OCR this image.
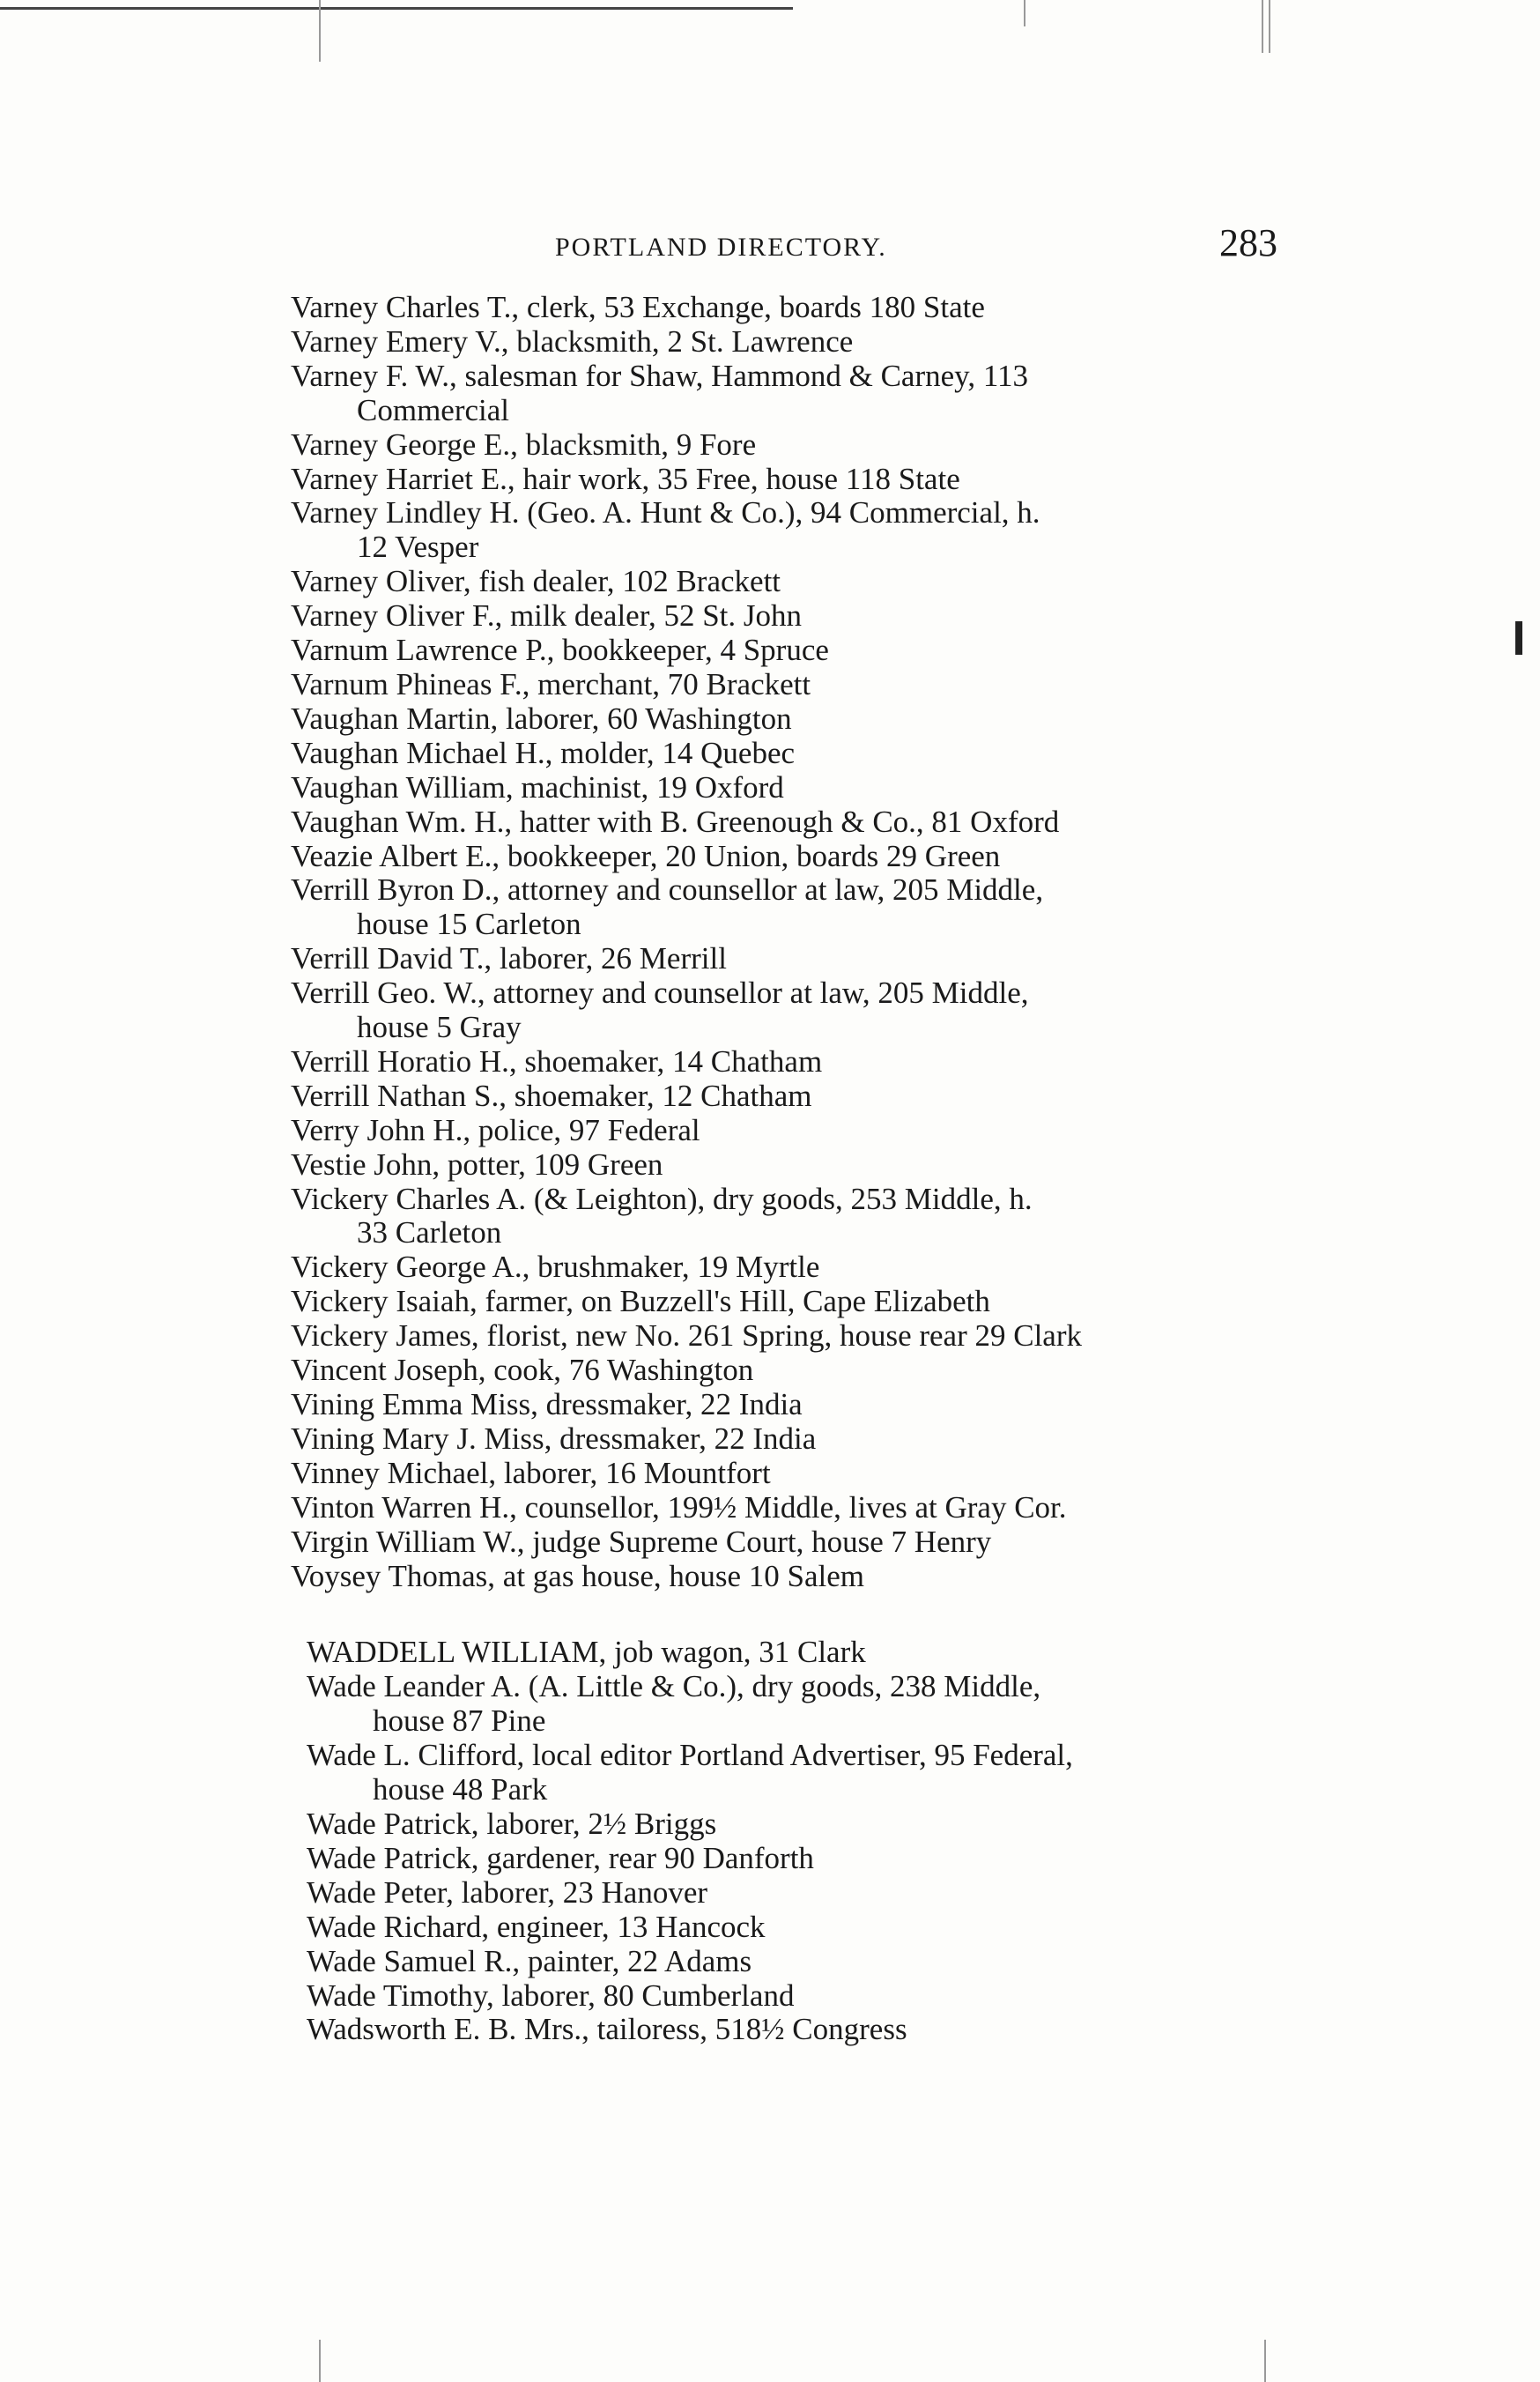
PORTLAND DIRECTORY.	283

Varney Charles T., clerk, 53 Exchange, boards 180 State

Varney Emery V., blacksmith, 2 St. Lawrence

Varney F. W., salesman for Shaw, Hammond & Carney, 113
Commercial

Varney George E., blacksmith, 9 Fore

Varney Harriet E., hair work, 35 Free, house 118 State

Varney Lindley H. (Geo. A. Hunt & Co.), 94 Commercial, h.
12 Vesper

Varney Oliver, fish dealer, 102 Brackett

Varney Oliver F., milk dealer, 52 St. John

Varnum Lawrence P., bookkeeper, 4 Spruce

Varnum Phineas F., merchant, 70 Brackett

Vaughan Martin, laborer, 60 Washington

Vaughan Michael H., molder, 14 Quebec

Vaughan William, machinist, 19 Oxford

Vaughan Wm. H., hatter with B. Greenough & Co., 81 Oxford

Veazie Albert E., bookkeeper, 20 Union, boards 29 Green

Verrill Byron D., attorney and counsellor at law, 205 Middle,
house 15 Carleton

Verrill David T., laborer, 26 Merrill

Verrill Geo. W., attorney and counsellor at law, 205 Middle,
house 5 Gray

Verrill Horatio H., shoemaker, 14 Chatham

Verrill Nathan S., shoemaker, 12 Chatham

Verry John H., police, 97 Federal

Vestie John, potter, 109 Green

Vickery Charles A. (& Leighton), dry goods, 253 Middle, h.
33 Carleton

Vickery George A., brushmaker, 19 Myrtle

Vickery Isaiah, farmer, on Buzzell's Hill, Cape Elizabeth

Vickery James, florist, new No. 261 Spring, house rear 29 Clark

Vincent Joseph, cook, 76 Washington

Vining Emma Miss, dressmaker, 22 India

Vining Mary J. Miss, dressmaker, 22 India

Vinney Michael, laborer, 16 Mountfort

Vinton Warren H., counsellor, 199½ Middle, lives at Gray Cor.

Virgin William W., judge Supreme Court, house 7 Henry

Voysey Thomas, at gas house, house 10 Salem

WADDELL WILLIAM, job wagon, 31 Clark

Wade Leander A. (A. Little & Co.), dry goods, 238 Middle,
house 87 Pine

Wade L. Clifford, local editor Portland Advertiser, 95 Federal,
house 48 Park

Wade Patrick, laborer, 2½ Briggs

Wade Patrick, gardener, rear 90 Danforth

Wade Peter, laborer, 23 Hanover

Wade Richard, engineer, 13 Hancock

Wade Samuel R., painter, 22 Adams

Wade Timothy, laborer, 80 Cumberland

Wadsworth E. B. Mrs., tailoress, 518½ Congress
